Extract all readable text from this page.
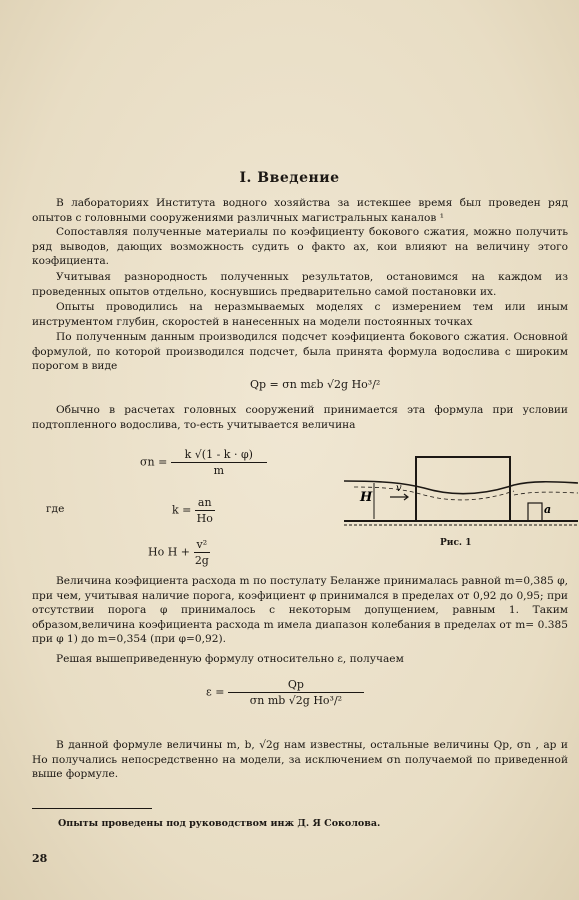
I. Введение

В лабораториях Института водного хозяйства за истекшее время был проведен ряд опытов с головными сооружениями различных магистральных каналов ¹

Сопоставляя полученные материалы по коэфициенту бокового сжатия, можно получить ряд выводов, дающих возможность судить о факто ах, кои влияют на величину этого коэфициента.

Учитывая разнородность полученных результатов, остановимся на каждом из проведенных опытов отдельно, коснувшись предварительно самой постановки их.

Опыты проводились на неразмываемых моделях с измерением тем или иным инструментом глубин, скоростей в нанесенных на модели постоянных точках

По полученным данным производился подсчет коэфициента бокового сжатия. Основной формулой, по которой производился подсчет, была принята формула водослива с широким порогом в виде

Qp = σn mεb √2g Ho³/²

Обычно в расчетах головных сооружений принимается эта формула при условии подтопленного водослива, то-есть учитывается величина

$\sigma n = \frac{k √(1 - k \cdot \varphi)}{m}$
где	$k = \frac{an}{Ho}$
Ho $H + \frac{\text{v²}}{2g}$
H
v
a
Рис. 1

Величина коэфициента расхода m по постулату Беланже принималась равной m=0,385 φ, при чем, учитывая наличие порога, коэфициент φ принимался в пределах от 0,92 до 0,95; при отсутствии порога φ принималось с некоторым допущением, равным 1. Таким образом,величина коэфициента расхода m имела диапазон колебания в пределах от m= 0.385 при φ 1) до m=0,354 (при φ=0,92).

Решая вышеприведенную формулу относительно ε, получаем

$\varepsilon = \frac{Qp}{\text{σn mb √2g Ho³/²}}$

В данной формуле величины m, b, √2g нам известны, остальные величины Qp, σn , ap и Ho получались непосредственно на модели, за исключением σn получаемой по приведенной выше формуле.

Опыты проведены под руководством инж Д. Я Соколова.
28
